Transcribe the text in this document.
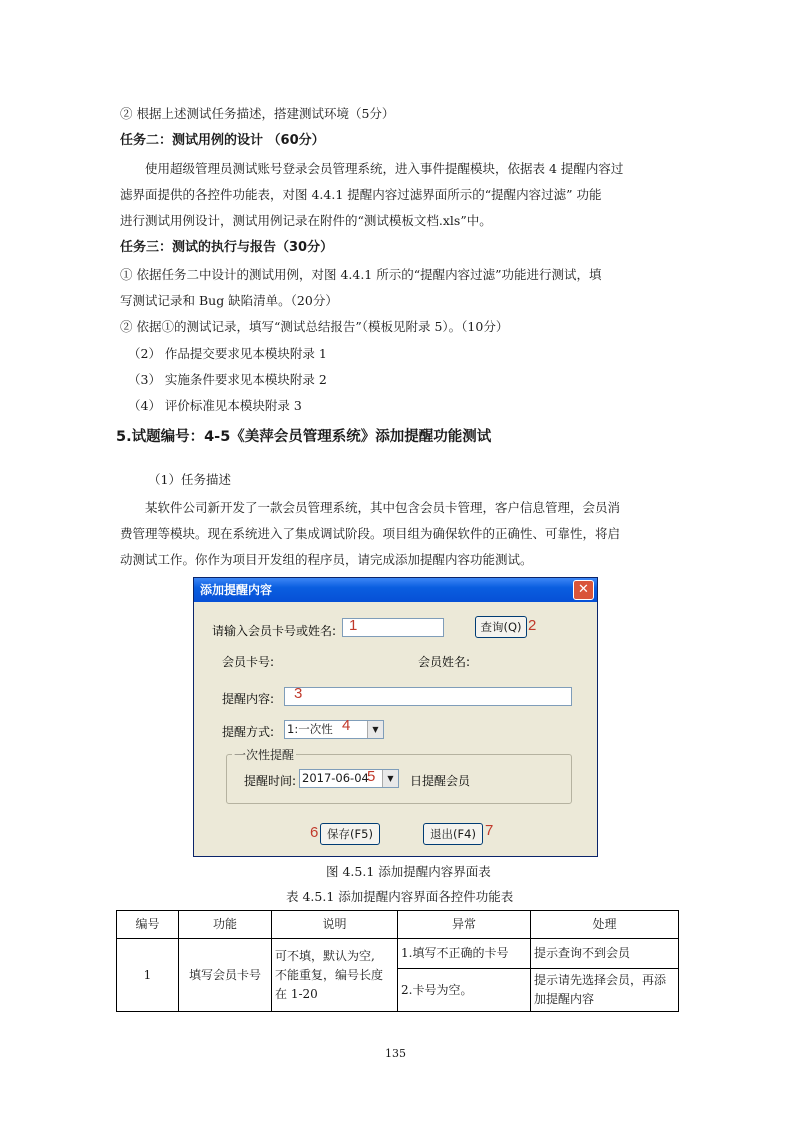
② 根据上述测试任务描述，搭建测试环境（5分）
任务二：测试用例的设计 （60分）
使用超级管理员测试账号登录会员管理系统，进入事件提醒模块，依据表 4 提醒内容过
滤界面提供的各控件功能表，对图 4.4.1 提醒内容过滤界面所示的“提醒内容过滤” 功能
进行测试用例设计，测试用例记录在附件的“测试模板文档.xls”中。
任务三：测试的执行与报告（30分）
① 依据任务二中设计的测试用例，对图 4.4.1 所示的“提醒内容过滤”功能进行测试，填
写测试记录和 Bug 缺陷清单。（20分）
② 依据①的测试记录，填写“测试总结报告”（模板见附录 5）。（10分）
（2） 作品提交要求见本模块附录 1
（3） 实施条件要求见本模块附录 2
（4） 评价标准见本模块附录 3
5.试题编号：4-5《美萍会员管理系统》添加提醒功能测试
（1）任务描述
某软件公司新开发了一款会员管理系统，其中包含会员卡管理，客户信息管理，会员消
费管理等模块。现在系统进入了集成调试阶段。项目组为确保软件的正确性、可靠性，将启
动测试工作。你作为项目开发组的程序员，请完成添加提醒内容功能测试。
添加提醒内容	✕
请输入会员卡号或姓名: 1	查询(Q) 2
会员卡号:	会员姓名:
提醒内容: 3
提醒方式: 1:一次性	▼
4
一次性提醒
提醒时间: 2017-06-04	▼
5	日提醒会员
6 保存(F5)	退出(F4) 7
图 4.5.1 添加提醒内容界面表
表 4.5.1 添加提醒内容界面各控件功能表
编号	功能	说明	异常	处理
1	填写会员卡号	可不填，默认为空,
不能重复，编号长度
在 1-20	1.填写不正确的卡号	提示查询不到会员
			2.卡号为空。	提示请先选择会员，再添加提醒内容
135
